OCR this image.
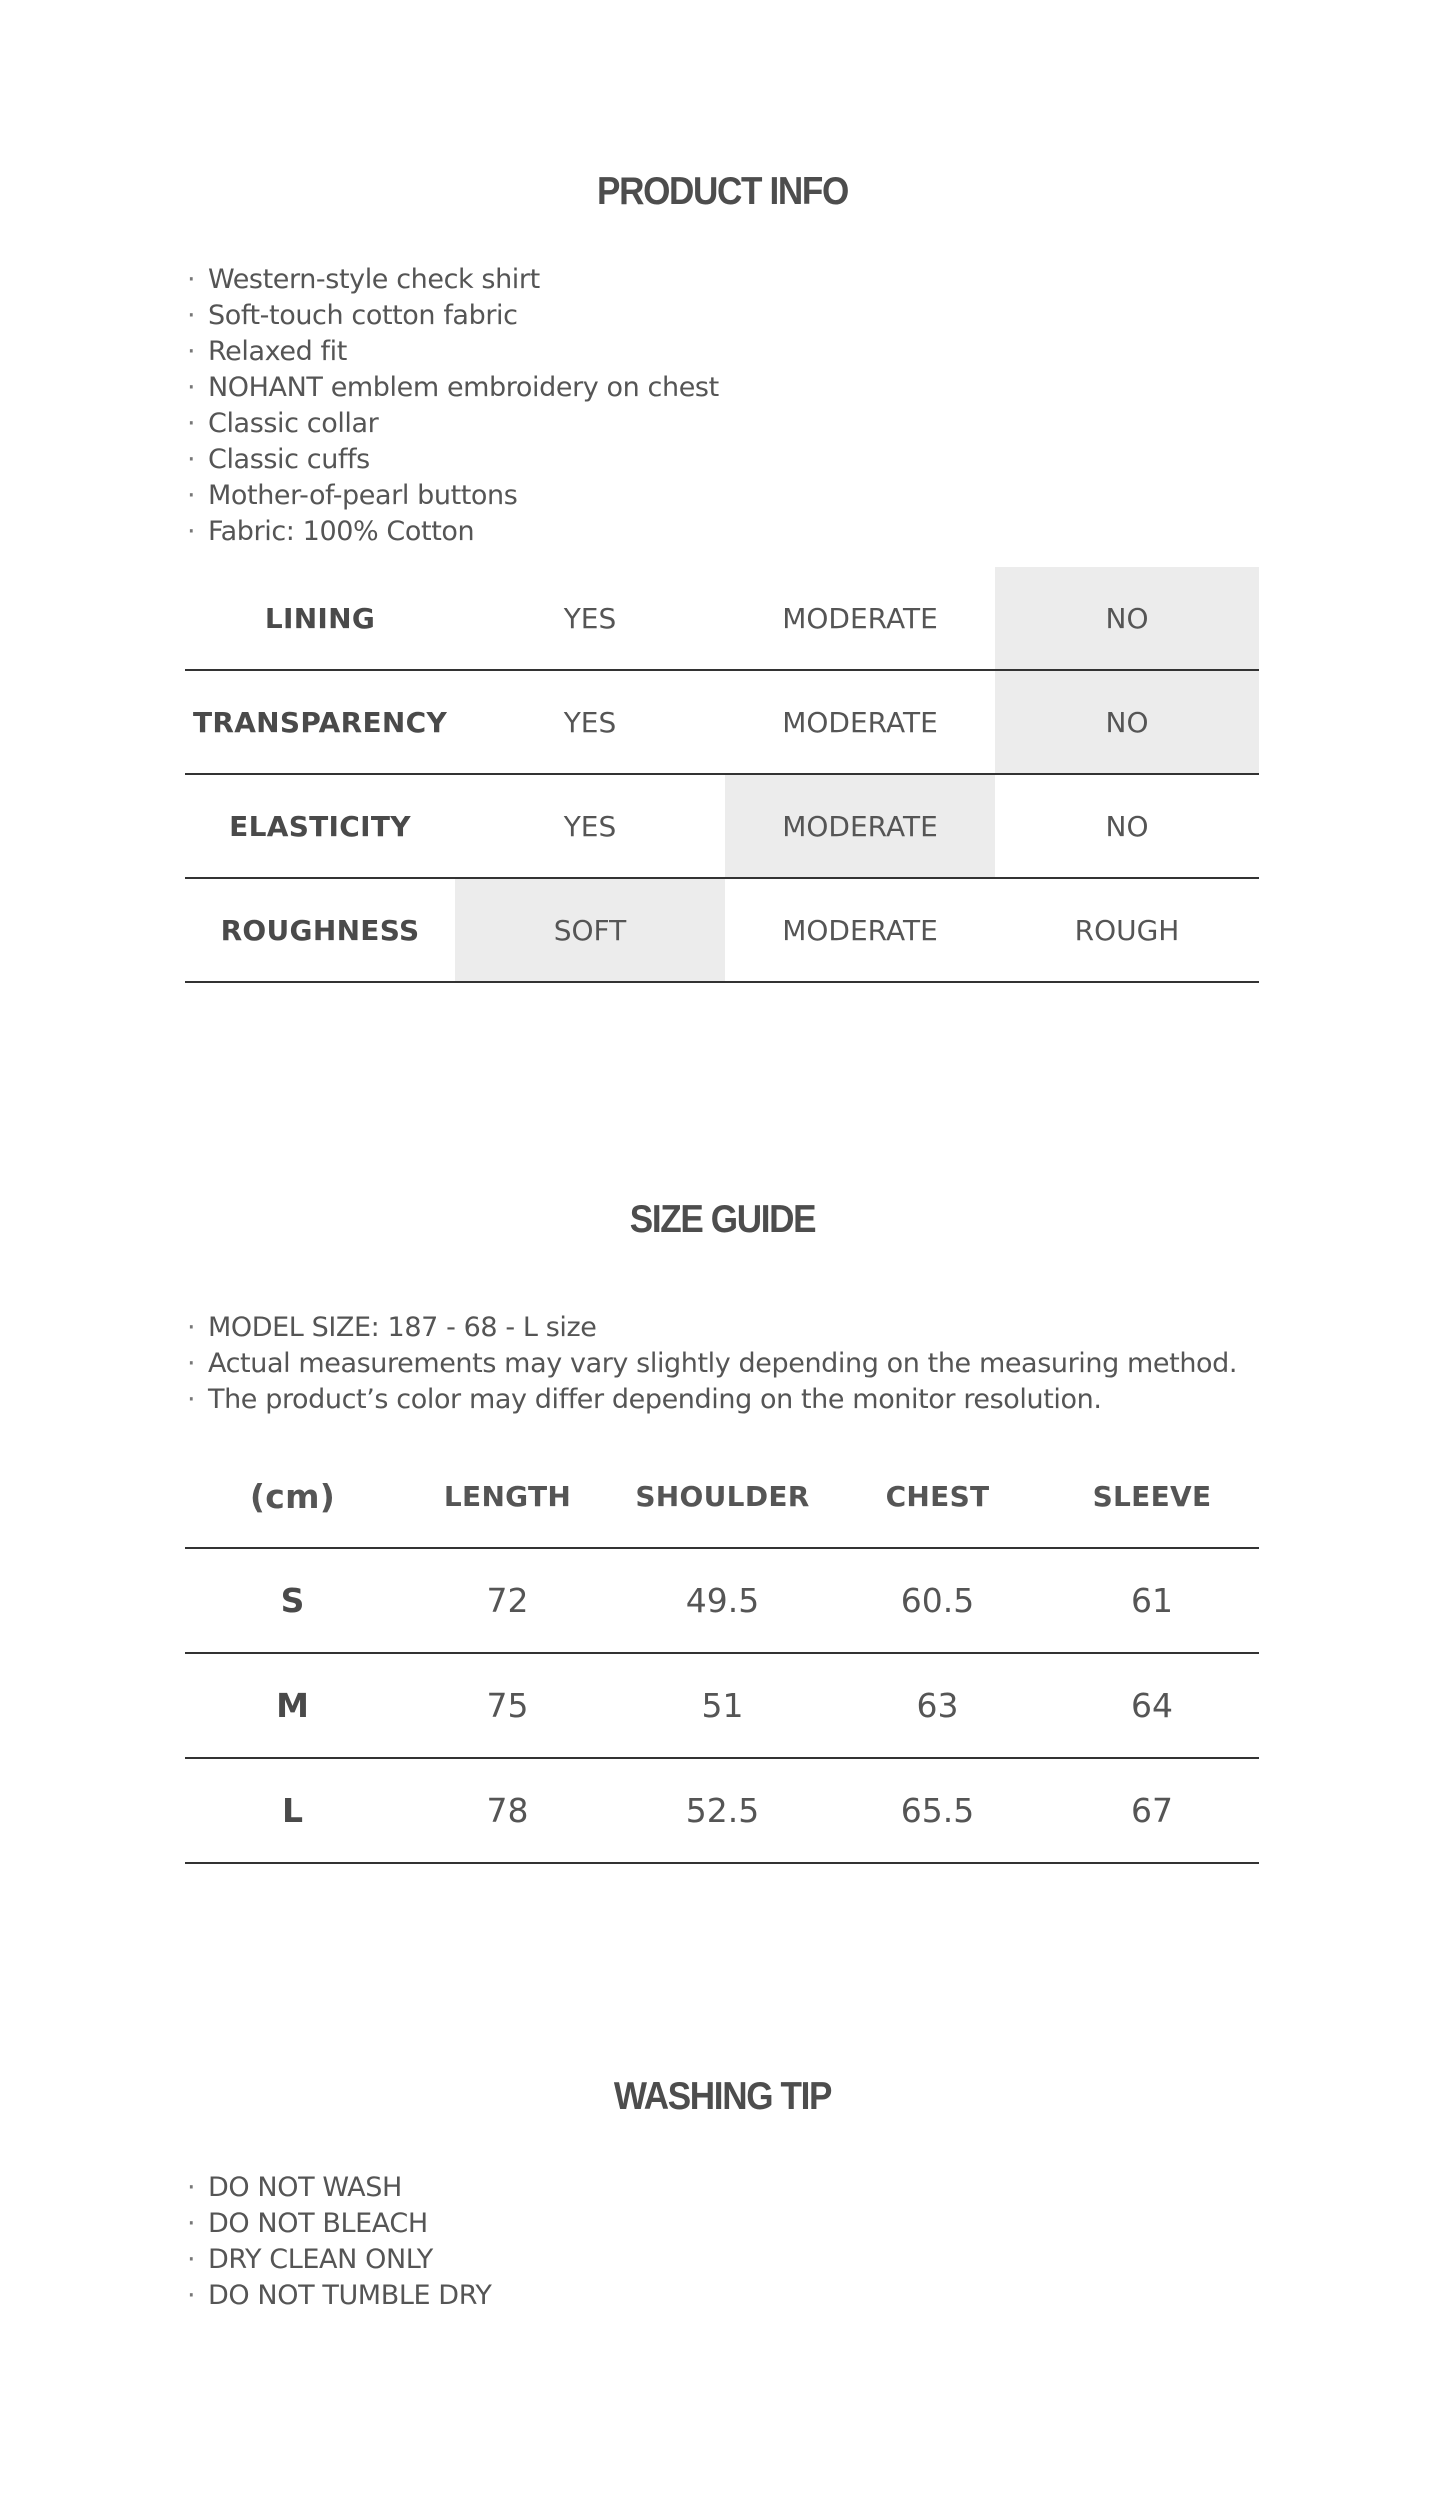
PRODUCT INFO
· Western-style check shirt
· Soft-touch cotton fabric
· Relaxed fit
· NOHANT emblem embroidery on chest
· Classic collar
· Classic cuffs
· Mother-of-pearl buttons
· Fabric: 100% Cotton
LINING	YES	MODERATE	NO
TRANSPARENCY	YES	MODERATE	NO
ELASTICITY	YES	MODERATE	NO
ROUGHNESS	SOFT	MODERATE	ROUGH
SIZE GUIDE
· MODEL SIZE: 187 - 68 - L size
· Actual measurements may vary slightly depending on the measuring method.
· The product’s color may differ depending on the monitor resolution.
(cm)	LENGTH	SHOULDER	CHEST	SLEEVE
S	72	49.5	60.5	61
M	75	51	63	64
L	78	52.5	65.5	67
WASHING TIP
· DO NOT WASH
· DO NOT BLEACH
· DRY CLEAN ONLY
· DO NOT TUMBLE DRY
